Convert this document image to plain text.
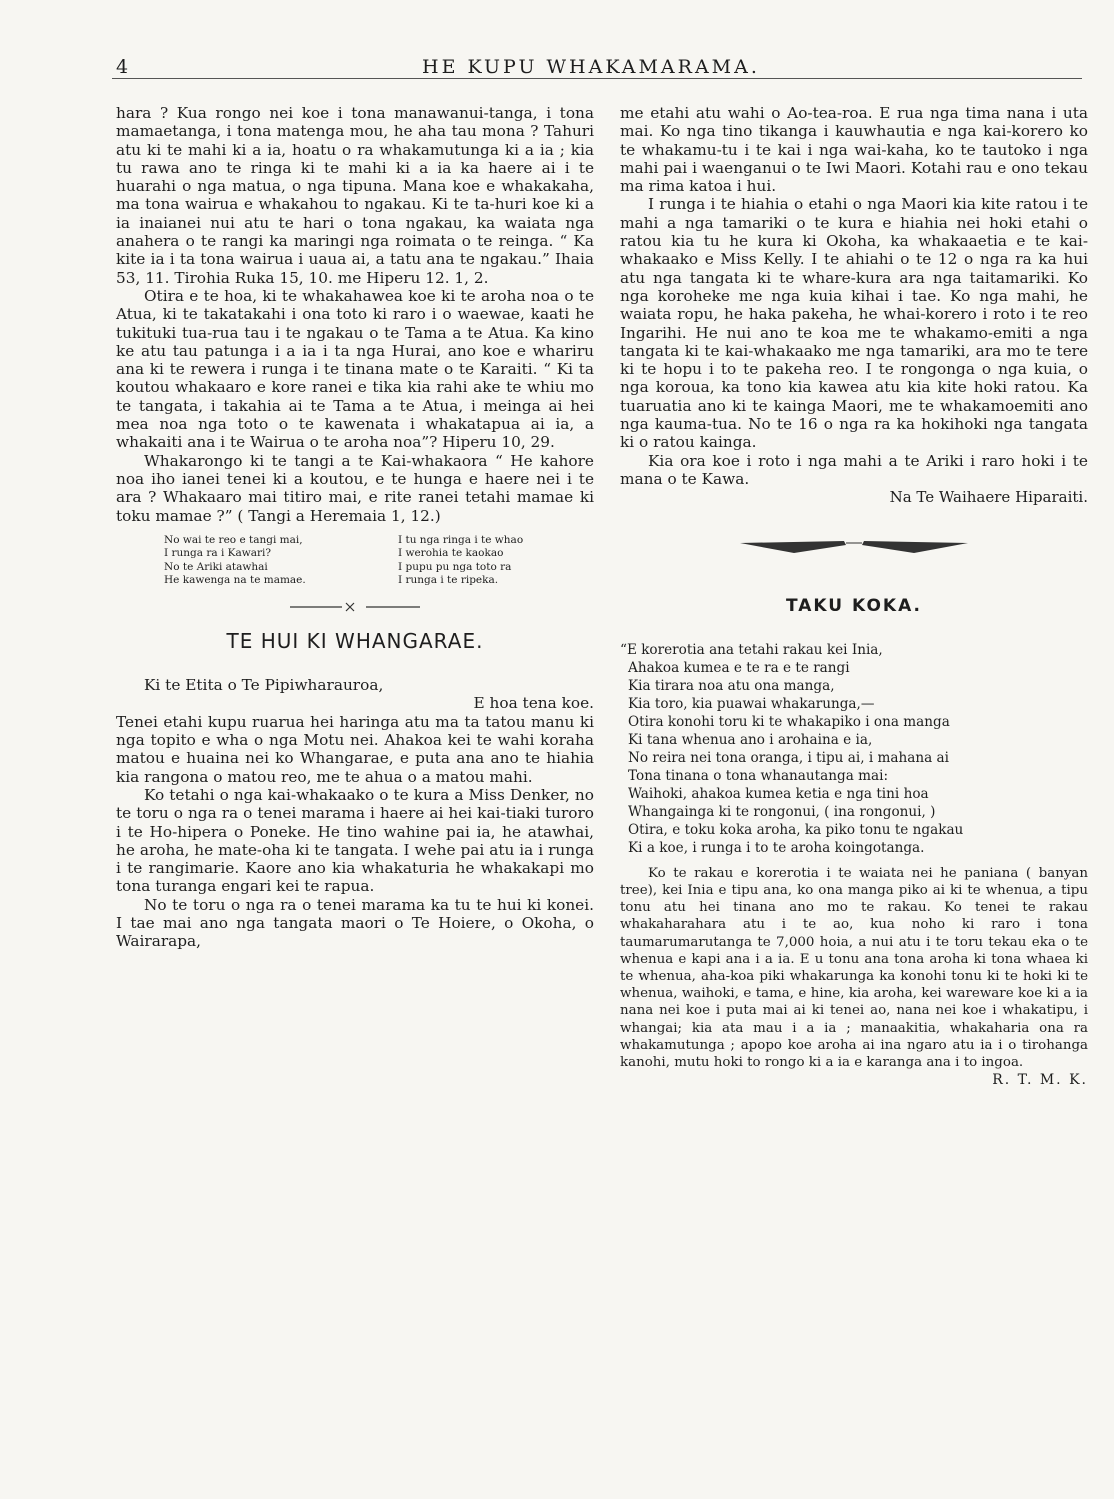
4	HE KUPU WHAKAMARAMA.

hara ? Kua rongo nei koe i tona manawanui-tanga, i tona mamaetanga, i tona matenga mou, he aha tau mona ? Tahuri atu ki te mahi ki a ia, hoatu o ra whakamutunga ki a ia ; kia tu rawa ano te ringa ki te mahi ki a ia ka haere ai i te huarahi o nga matua, o nga tipuna. Mana koe e whakakaha, ma tona wairua e whakahou to ngakau. Ki te ta-huri koe ki a ia inaianei nui atu te hari o tona ngakau, ka waiata nga anahera o te rangi ka maringi nga roimata o te reinga. “ Ka kite ia i ta tona wairua i uaua ai, a tatu ana te ngakau.” Ihaia 53, 11. Tirohia Ruka 15, 10. me Hiperu 12. 1, 2.

Otira e te hoa, ki te whakahawea koe ki te aroha noa o te Atua, ki te takatakahi i ona toto ki raro i o waewae, kaati he tukituki tua-rua tau i te ngakau o te Tama a te Atua. Ka kino ke atu tau patunga i a ia i ta nga Hurai, ano koe e whariru ana ki te rewera i runga i te tinana mate o te Karaiti. “ Ki ta koutou whakaaro e kore ranei e tika kia rahi ake te whiu mo te tangata, i takahia ai te Tama a te Atua, i meinga ai hei mea noa nga toto o te kawenata i whakatapua ai ia, a whakaiti ana i te Wairua o te aroha noa”? Hiperu 10, 29.

Whakarongo ki te tangi a te Kai-whakaora “ He kahore noa iho ianei tenei ki a koutou, e te hunga e haere nei i te ara ? Whakaaro mai titiro mai, e rite ranei tetahi mamae ki toku mamae ?” ( Tangi a Heremaia 1, 12.)

No wai te reo e tangi mai,
I runga ra i Kawari?
No te Ariki atawhai
He kawenga na te mamae.
I tu nga ringa i te whao
I werohia te kaokao
I pupu pu nga toto ra
I runga i te ripeka.
TE HUI KI WHANGARAE.

Ki te Etita o Te Pipiwharauroa,

E hoa tena koe.

Tenei etahi kupu ruarua hei haringa atu ma ta tatou manu ki nga topito e wha o nga Motu nei. Ahakoa kei te wahi koraha matou e huaina nei ko Whangarae, e puta ana ano te hiahia kia rangona o matou reo, me te ahua o a matou mahi.

Ko tetahi o nga kai-whakaako o te kura a Miss Denker, no te toru o nga ra o tenei marama i haere ai hei kai-tiaki turoro i te Ho-hipera o Poneke. He tino wahine pai ia, he atawhai, he aroha, he mate-oha ki te tangata. I wehe pai atu ia i runga i te rangimarie. Kaore ano kia whakaturia he whakakapi mo tona turanga engari kei te rapua.

No te toru o nga ra o tenei marama ka tu te hui ki konei. I tae mai ano nga tangata maori o Te Hoiere, o Okoha, o Wairarapa,

me etahi atu wahi o Ao-tea-roa. E rua nga tima nana i uta mai. Ko nga tino tikanga i kauwhautia e nga kai-korero ko te whakamu-tu i te kai i nga wai-kaha, ko te tautoko i nga mahi pai i waenganui o te Iwi Maori. Kotahi rau e ono tekau ma rima katoa i hui.

I runga i te hiahia o etahi o nga Maori kia kite ratou i te mahi a nga tamariki o te kura e hiahia nei hoki etahi o ratou kia tu he kura ki Okoha, ka whakaaetia e te kai-whakaako e Miss Kelly. I te ahiahi o te 12 o nga ra ka hui atu nga tangata ki te whare-kura ara nga taitamariki. Ko nga koroheke me nga kuia kihai i tae. Ko nga mahi, he waiata ropu, he haka pakeha, he whai-korero i roto i te reo Ingarihi. He nui ano te koa me te whakamo-emiti a nga tangata ki te kai-whakaako me nga tamariki, ara mo te tere ki te hopu i to te pakeha reo. I te rongonga o nga kuia, o nga koroua, ka tono kia kawea atu kia kite hoki ratou. Ka tuaruatia ano ki te kainga Maori, me te whakamoemiti ano nga kauma-tua. No te 16 o nga ra ka hokihoki nga tangata ki o ratou kainga.

Kia ora koe i roto i nga mahi a te Ariki i raro hoki i te mana o te Kawa.

Na Te Waihaere Hiparaiti.

TAKU KOKA.
“E korerotia ana tetahi rakau kei Inia,
Ahakoa kumea e te ra e te rangi
Kia tirara noa atu ona manga,
Kia toro, kia puawai whakarunga,—
Otira konohi toru ki te whakapiko i ona manga
Ki tana whenua ano i arohaina e ia,
No reira nei tona oranga, i tipu ai, i mahana ai
Tona tinana o tona whanautanga mai:
Waihoki, ahakoa kumea ketia e nga tini hoa
Whangainga ki te rongonui, ( ina rongonui, )
Otira, e toku koka aroha, ka piko tonu te ngakau
Ki a koe, i runga i to te aroha koingotanga.

Ko te rakau e korerotia i te waiata nei he paniana ( banyan tree), kei Inia e tipu ana, ko ona manga piko ai ki te whenua, a tipu tonu atu hei tinana ano mo te rakau. Ko tenei te rakau whakaharahara atu i te ao, kua noho ki raro i tona taumarumarutanga te 7,000 hoia, a nui atu i te toru tekau eka o te whenua e kapi ana i a ia. E u tonu ana tona aroha ki tona whaea ki te whenua, aha-koa piki whakarunga ka konohi tonu ki te hoki ki te whenua, waihoki, e tama, e hine, kia aroha, kei wareware koe ki a ia nana nei koe i puta mai ai ki tenei ao, nana nei koe i whakatipu, i whangai; kia ata mau i a ia ; manaakitia, whakaharia ona ra whakamutunga ; apopo koe aroha ai ina ngaro atu ia i o tirohanga kanohi, mutu hoki to rongo ki a ia e karanga ana i to ingoa.

R. T. M. K.
